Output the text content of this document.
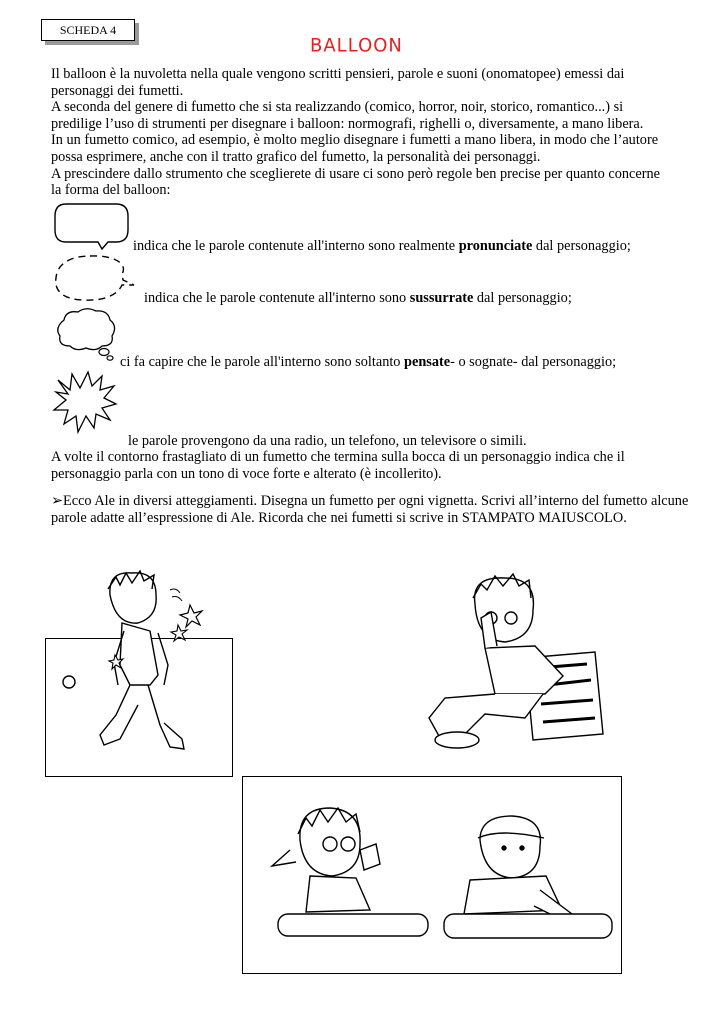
SCHEDA 4
BALLOON

Il balloon è la nuvoletta nella quale vengono scritti pensieri, parole e suoni (onomatopee) emessi dai personaggi dei fumetti.

A seconda del genere di fumetto che si sta realizzando (comico, horror, noir, storico, romantico...) si predilige l’uso di strumenti per disegnare i balloon: normografi, righelli o, diversamente, a mano libera.

In un fumetto comico, ad esempio, è molto meglio disegnare i fumetti a mano libera, in modo che l’autore possa esprimere, anche con il tratto grafico del fumetto, la personalità dei personaggi.

A prescindere dallo strumento che sceglierete di usare ci sono però regole ben precise per quanto concerne la forma del balloon:

indica che le parole contenute all'interno sono realmente pronunciate dal personaggio;
indica che le parole contenute all'interno sono sussurrate dal personaggio;
ci fa capire che le parole all'interno sono soltanto pensate- o sognate- dal personaggio;
le parole provengono da una radio, un telefono, un televisore o simili.
A volte il contorno frastagliato di un fumetto che termina sulla bocca di un personaggio indica che il personaggio parla con un tono di voce forte e alterato (è incollerito).
➢Ecco Ale in diversi atteggiamenti. Disegna un fumetto per ogni vignetta. Scrivi all’interno del fumetto alcune parole adatte all’espressione di Ale. Ricorda che nei fumetti si scrive in STAMPATO MAIUSCOLO.
